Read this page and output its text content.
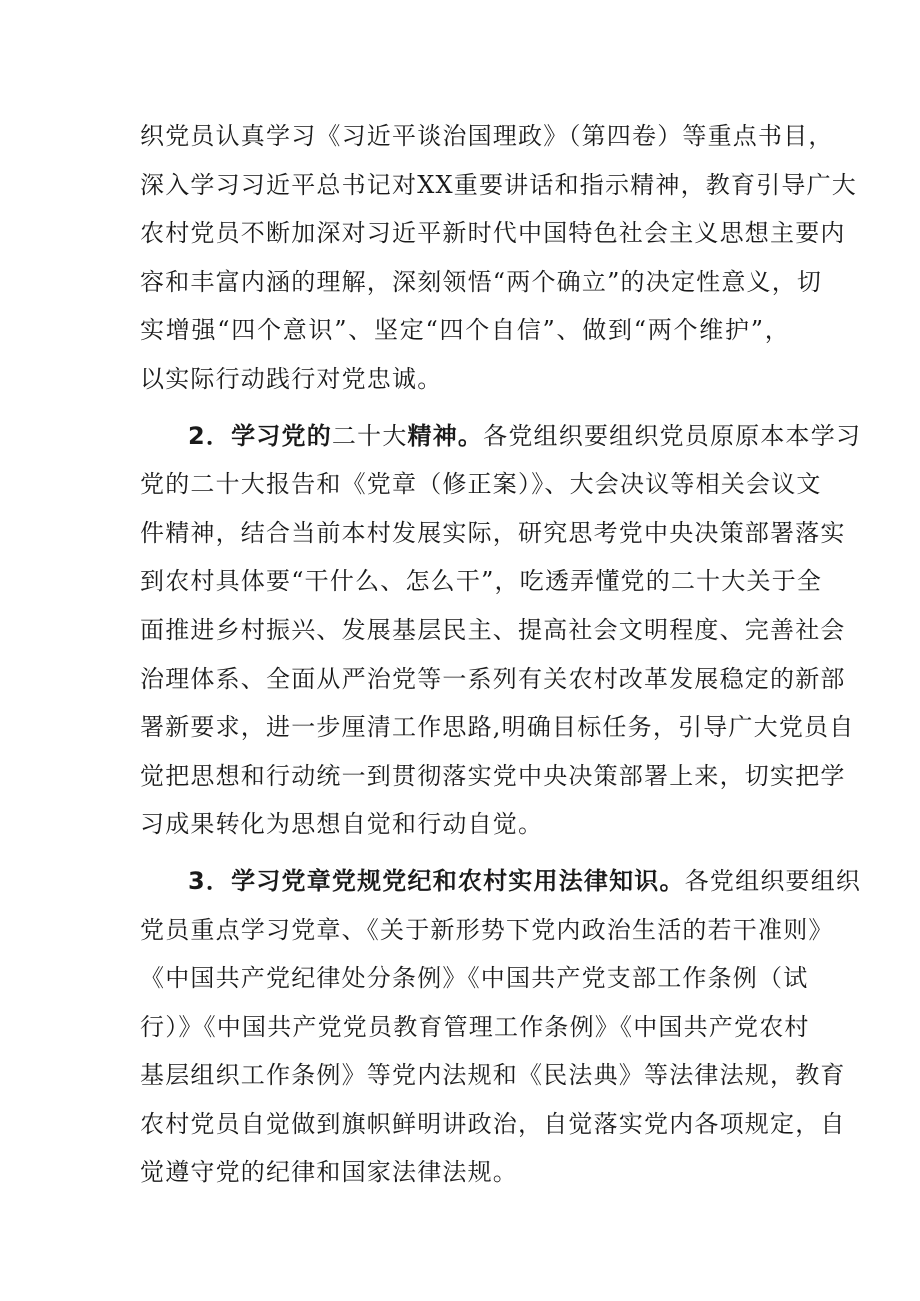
织党员认真学习《习近平谈治国理政》（第四卷）等重点书目，
深入学习习近平总书记对XX重要讲话和指示精神，教育引导广大
农村党员不断加深对习近平新时代中国特色社会主义思想主要内
容和丰富内涵的理解，深刻领悟“两个确立”的决定性意义，切
实增强“四个意识”、坚定“四个自信”、做到“两个维护”，
以实际行动践行对党忠诚。
2．学习党的二十大精神。各党组织要组织党员原原本本学习
党的二十大报告和《党章（修正案）》、大会决议等相关会议文
件精神，结合当前本村发展实际，研究思考党中央决策部署落实
到农村具体要“干什么、怎么干”，吃透弄懂党的二十大关于全
面推进乡村振兴、发展基层民主、提高社会文明程度、完善社会
治理体系、全面从严治党等一系列有关农村改革发展稳定的新部
署新要求，进一步厘清工作思路,明确目标任务，引导广大党员自
觉把思想和行动统一到贯彻落实党中央决策部署上来，切实把学
习成果转化为思想自觉和行动自觉。
3．学习党章党规党纪和农村实用法律知识。各党组织要组织
党员重点学习党章、《关于新形势下党内政治生活的若干准则》
《中国共产党纪律处分条例》《中国共产党支部工作条例（试
行）》《中国共产党党员教育管理工作条例》《中国共产党农村
基层组织工作条例》等党内法规和《民法典》等法律法规，教育
农村党员自觉做到旗帜鲜明讲政治，自觉落实党内各项规定，自
觉遵守党的纪律和国家法律法规。
